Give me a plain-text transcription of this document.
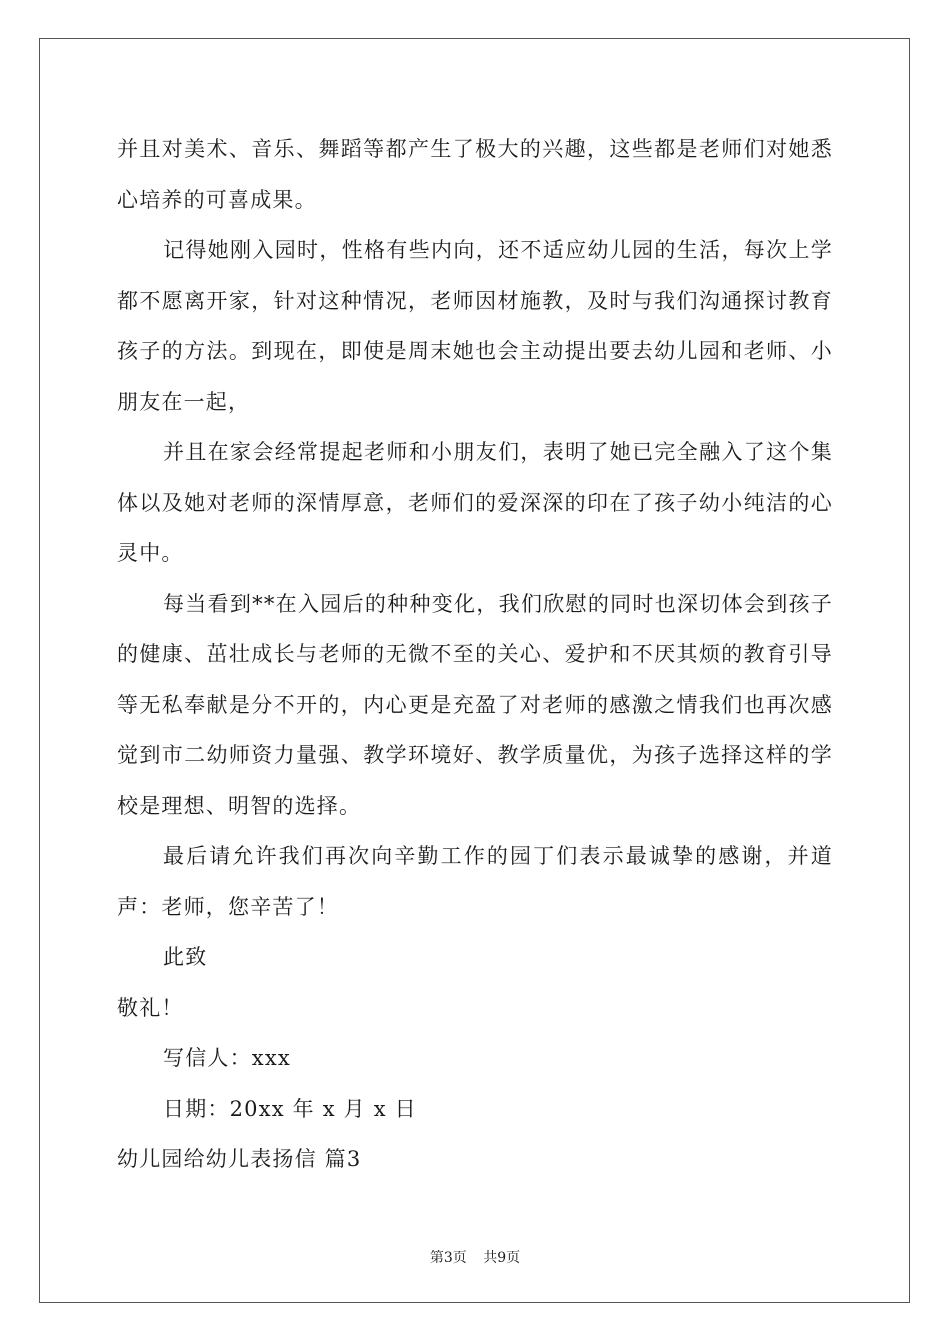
并且对美术、音乐、舞蹈等都产生了极大的兴趣，这些都是老师们对她悉心培养的可喜成果。

记得她刚入园时，性格有些内向，还不适应幼儿园的生活，每次上学都不愿离开家，针对这种情况，老师因材施教，及时与我们沟通探讨教育孩子的方法。到现在，即使是周末她也会主动提出要去幼儿园和老师、小朋友在一起，

并且在家会经常提起老师和小朋友们，表明了她已完全融入了这个集体以及她对老师的深情厚意，老师们的爱深深的印在了孩子幼小纯洁的心灵中。

每当看到**在入园后的种种变化，我们欣慰的同时也深切体会到孩子的健康、茁壮成长与老师的无微不至的关心、爱护和不厌其烦的教育引导等无私奉献是分不开的，内心更是充盈了对老师的感激之情我们也再次感觉到市二幼师资力量强、教学环境好、教学质量优，为孩子选择这样的学校是理想、明智的选择。

最后请允许我们再次向辛勤工作的园丁们表示最诚挚的感谢，并道声：老师，您辛苦了！

此致

敬礼！

写信人：xxx

日期：20xx 年 x 月 x 日

幼儿园给幼儿表扬信 篇3

第3页 共9页
